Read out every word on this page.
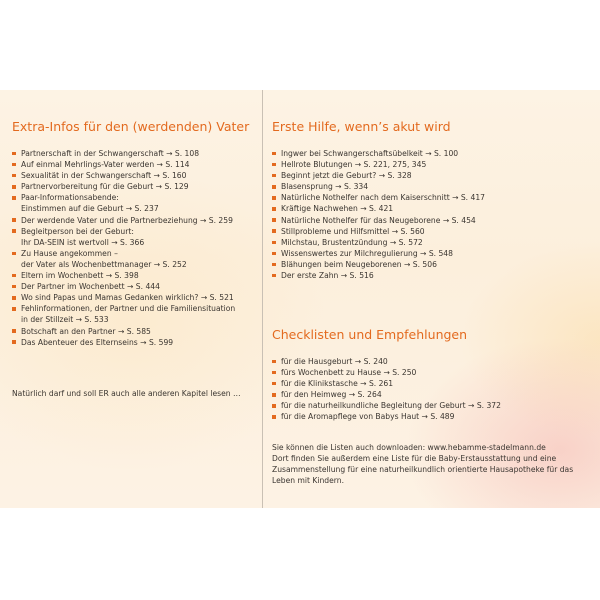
Extra-Infos für den (werdenden) Vater
Partnerschaft in der Schwangerschaft → S. 108
Auf einmal Mehrlings-Vater werden → S. 114
Sexualität in der Schwangerschaft → S. 160
Partnervorbereitung für die Geburt → S. 129
Paar-Informationsabende:
Einstimmen auf die Geburt → S. 237
Der werdende Vater und die Partnerbeziehung → S. 259
Begleitperson bei der Geburt:
Ihr DA-SEIN ist wertvoll → S. 366
Zu Hause angekommen –
der Vater als Wochenbettmanager → S. 252
Eltern im Wochenbett → S. 398
Der Partner im Wochenbett → S. 444
Wo sind Papas und Mamas Gedanken wirklich? → S. 521
Fehlinformationen, der Partner und die Familiensituation
in der Stillzeit → S. 533
Botschaft an den Partner → S. 585
Das Abenteuer des Elternseins → S. 599
Natürlich darf und soll ER auch alle anderen Kapitel lesen …
Erste Hilfe, wenn’s akut wird
Ingwer bei Schwangerschaftsübelkeit → S. 100
Hellrote Blutungen → S. 221, 275, 345
Beginnt jetzt die Geburt? → S. 328
Blasensprung → S. 334
Natürliche Nothelfer nach dem Kaiserschnitt → S. 417
Kräftige Nachwehen → S. 421
Natürliche Nothelfer für das Neugeborene → S. 454
Stillprobleme und Hilfsmittel → S. 560
Milchstau, Brustentzündung → S. 572
Wissenswertes zur Milchregulierung → S. 548
Blähungen beim Neugeborenen → S. 506
Der erste Zahn → S. 516
Checklisten und Empfehlungen
für die Hausgeburt → S. 240
fürs Wochenbett zu Hause → S. 250
für die Klinikstasche → S. 261
für den Heimweg → S. 264
für die naturheilkundliche Begleitung der Geburt → S. 372
für die Aromapflege von Babys Haut → S. 489
Sie können die Listen auch downloaden: www.hebamme-stadelmann.de
Dort finden Sie außerdem eine Liste für die Baby-Erstausstattung und eine
Zusammenstellung für eine naturheilkundlich orientierte Hausapotheke für das
Leben mit Kindern.
